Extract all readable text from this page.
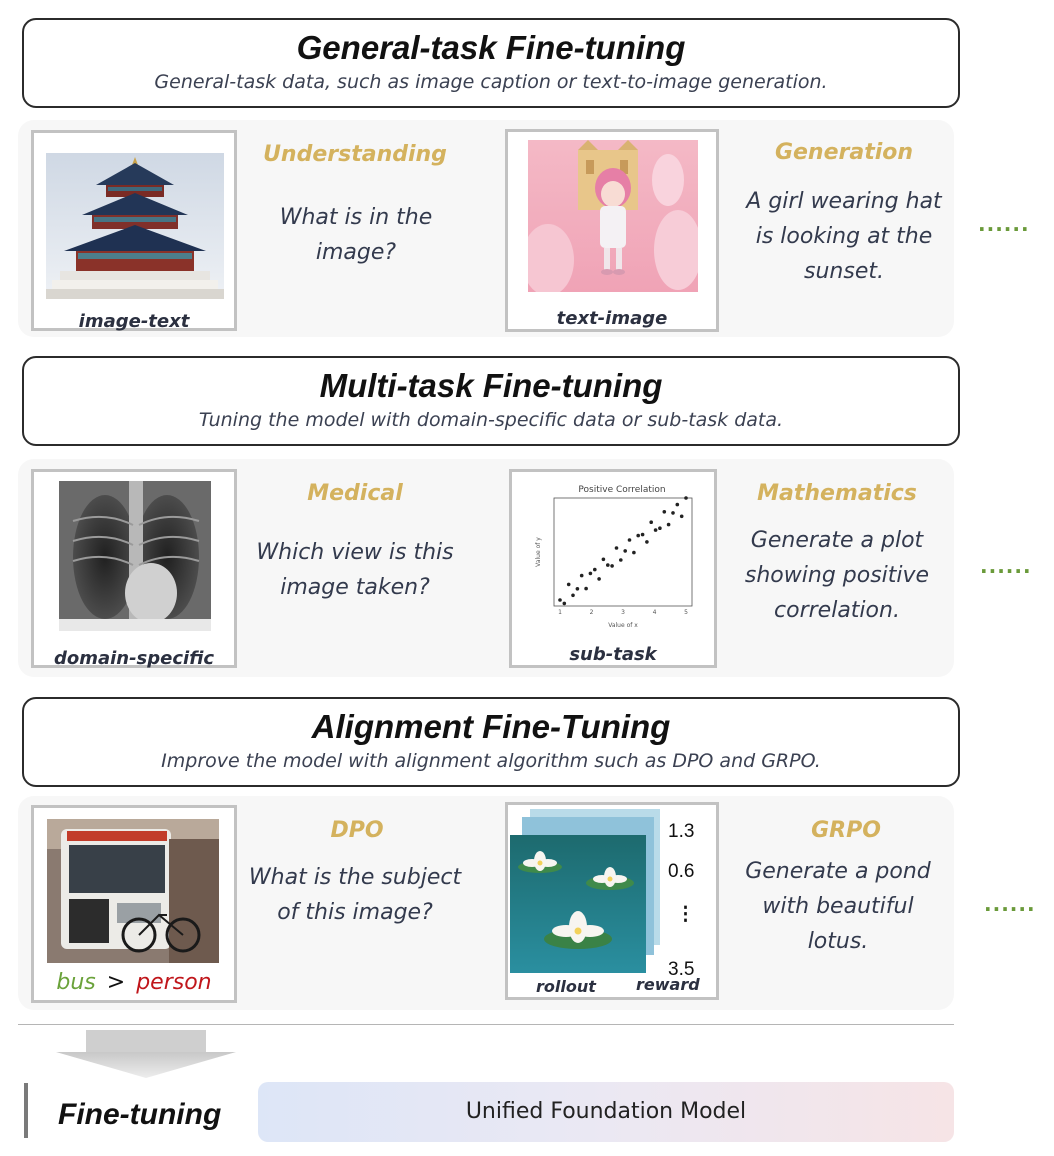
General-task Fine-tuning
General-task data, such as image caption or text-to-image generation.
image-text
Understanding
What is in the image?
text-image
Generation
A girl wearing hat is looking at the sunset.
......
Multi-task Fine-tuning
Tuning the model with domain-specific data or sub-task data.
domain-specific
Medical
Which view is this image taken?
Positive Correlation
1	2	3	4	5
Value of x
Value of y
sub-task
Mathematics
Generate a plot showing positive correlation.
......
Alignment Fine-Tuning
Improve the model with alignment algorithm such as DPO and GRPO.
bus > person
DPO
What is the subject of this image?
1.3
0.6
⋮
3.5
rollout	reward
GRPO
Generate a pond with beautiful lotus.
......
Fine-tuning	Unified Foundation Model
